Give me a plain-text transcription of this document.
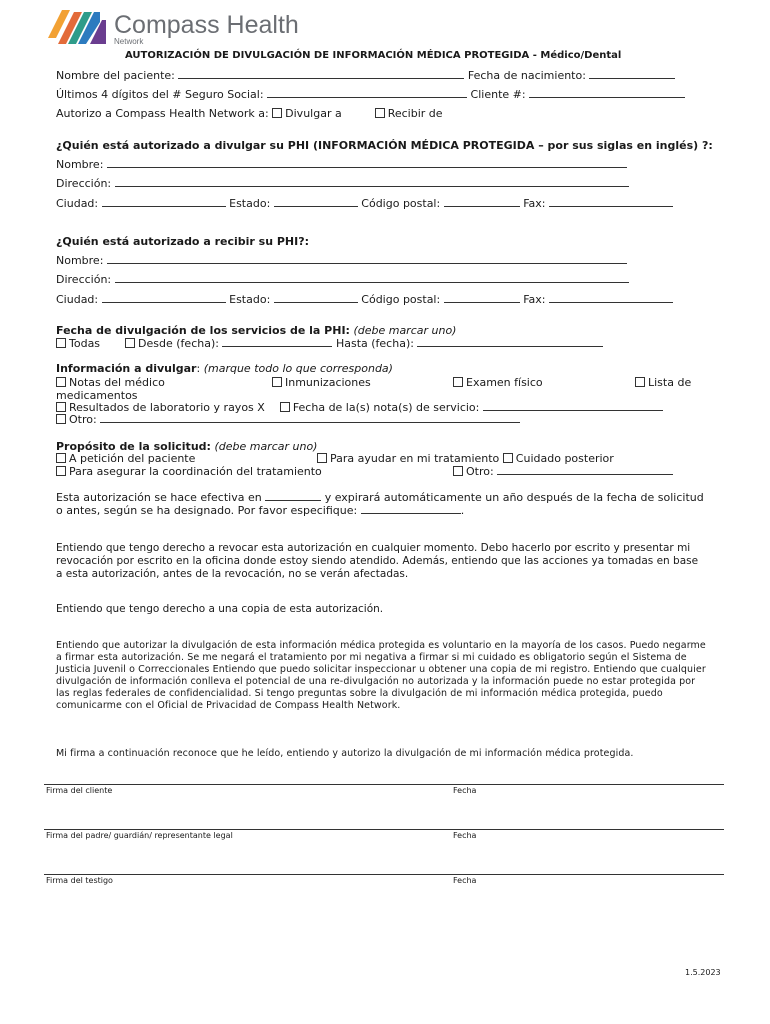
Compass Health
Network
AUTORIZACIÓN DE DIVULGACIÓN DE INFORMACIÓN MÉDICA PROTEGIDA - Médico/Dental
Nombre del paciente:	Fecha de nacimiento:
Últimos 4 dígitos del # Seguro Social:	Cliente #:
Autorizo a Compass Health Network a: Divulgar a	Recibir de
¿Quién está autorizado a divulgar su PHI (INFORMACIÓN MÉDICA PROTEGIDA – por sus siglas en inglés) ?:
Nombre:
Dirección:
Ciudad:	Estado:	Código postal:	Fax:
¿Quién está autorizado a recibir su PHI?:
Nombre:
Dirección:
Ciudad:	Estado:	Código postal:	Fax:
Fecha de divulgación de los servicios de la PHI: (debe marcar uno)
Todas	Desde (fecha):	Hasta (fecha):
Información a divulgar: (marque todo lo que corresponda)
Notas del médico	Inmunizaciones	Examen físico	Lista de
medicamentos
Resultados de laboratorio y rayos X	Fecha de la(s) nota(s) de servicio:
Otro:
Propósito de la solicitud: (debe marcar uno)
A petición del paciente	Para ayudar en mi tratamiento Cuidado posterior
Para asegurar la coordinación del tratamiento	Otro:
Esta autorización se hace efectiva en	y expirará automáticamente un año después de la fecha de solicitud
o antes, según se ha designado. Por favor especifique:	.
Entiendo que tengo derecho a revocar esta autorización en cualquier momento. Debo hacerlo por escrito y presentar mi revocación por escrito en la oficina donde estoy siendo atendido. Además, entiendo que las acciones ya tomadas en base a esta autorización, antes de la revocación, no se verán afectadas.
Entiendo que tengo derecho a una copia de esta autorización.
Entiendo que autorizar la divulgación de esta información médica protegida es voluntario en la mayoría de los casos. Puedo negarme a firmar esta autorización. Se me negará el tratamiento por mi negativa a firmar si mi cuidado es obligatorio según el Sistema de Justicia Juvenil o Correccionales Entiendo que puedo solicitar inspeccionar u obtener una copia de mi registro. Entiendo que cualquier divulgación de información conlleva el potencial de una re-divulgación no autorizada y la información puede no estar protegida por las reglas federales de confidencialidad. Si tengo preguntas sobre la divulgación de mi información médica protegida, puedo comunicarme con el Oficial de Privacidad de Compass Health Network.
Mi firma a continuación reconoce que he leído, entiendo y autorizo la divulgación de mi información médica protegida.
Firma del cliente	Fecha
Firma del padre/ guardián/ representante legal	Fecha
Firma del testigo	Fecha
1.5.2023
